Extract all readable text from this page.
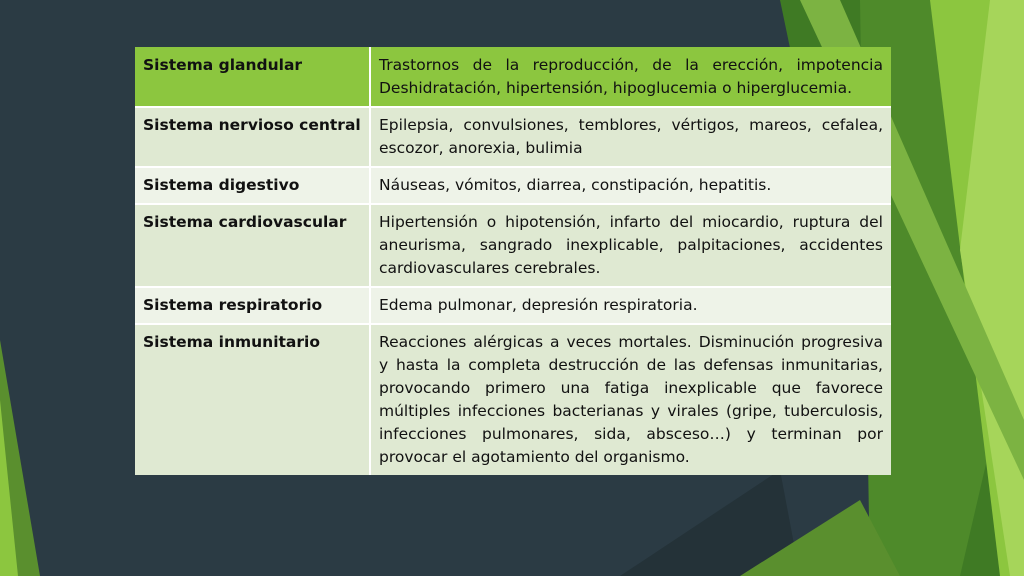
Sistema glandular	Trastornos de la reproducción, de la erección, impotencia Deshidratación, hipertensión, hipoglucemia o hiperglucemia.
Sistema nervioso central	Epilepsia, convulsiones, temblores, vértigos, mareos, cefalea, escozor, anorexia, bulimia
Sistema digestivo	Náuseas, vómitos, diarrea, constipación, hepatitis.
Sistema cardiovascular	Hipertensión o hipotensión, infarto del miocardio, ruptura del aneurisma, sangrado inexplicable, palpitaciones, accidentes cardiovasculares cerebrales.
Sistema respiratorio	Edema pulmonar, depresión respiratoria.
Sistema inmunitario	Reacciones alérgicas a veces mortales. Disminución progresiva y hasta la completa destrucción de las defensas inmunitarias, provocando primero una fatiga inexplicable que favorece múltiples infecciones bacterianas y virales (gripe, tuberculosis, infecciones pulmonares, sida, absceso…) y terminan por provocar el agotamiento del organismo.
